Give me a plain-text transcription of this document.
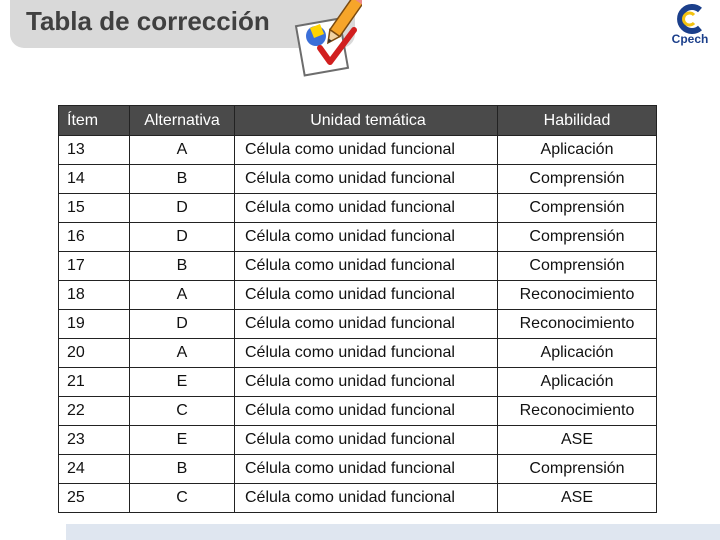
Tabla de corrección
Cpech
Ítem	Alternativa	Unidad temática	Habilidad
13	A	Célula como unidad funcional	Aplicación
14	B	Célula como unidad funcional	Comprensión
15	D	Célula como unidad funcional	Comprensión
16	D	Célula como unidad funcional	Comprensión
17	B	Célula como unidad funcional	Comprensión
18	A	Célula como unidad funcional	Reconocimiento
19	D	Célula como unidad funcional	Reconocimiento
20	A	Célula como unidad funcional	Aplicación
21	E	Célula como unidad funcional	Aplicación
22	C	Célula como unidad funcional	Reconocimiento
23	E	Célula como unidad funcional	ASE
24	B	Célula como unidad funcional	Comprensión
25	C	Célula como unidad funcional	ASE
